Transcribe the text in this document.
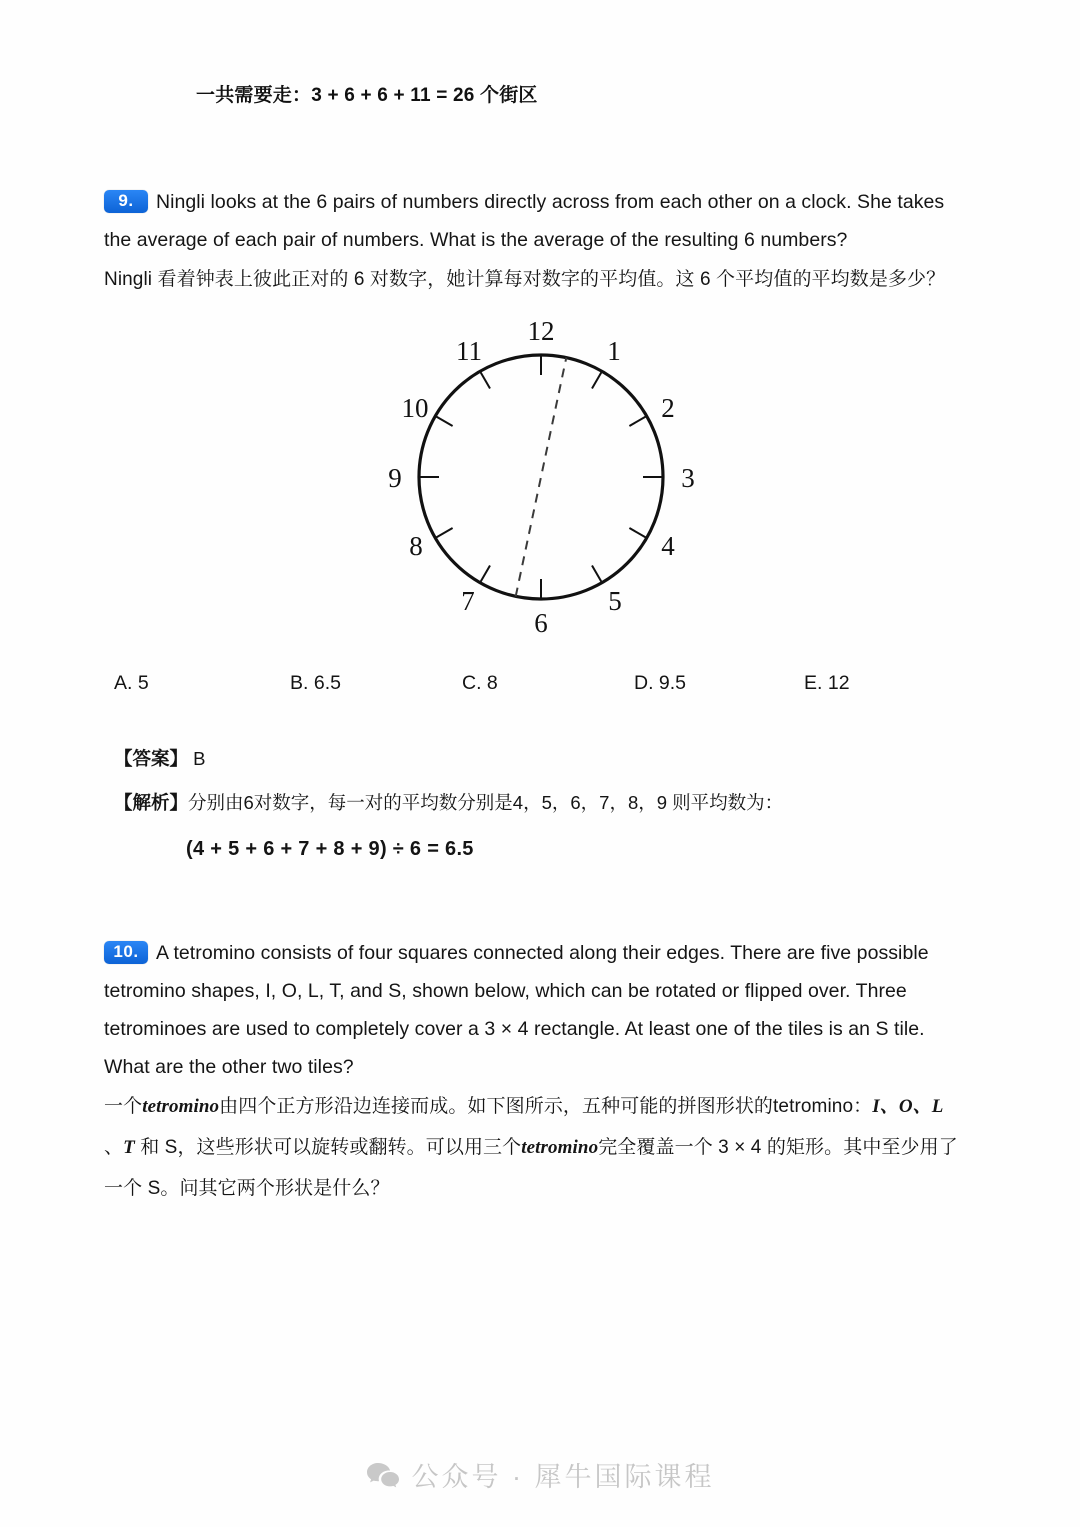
一共需要走：3 + 6 + 6 + 11 = 26 个街区
9. Ningli looks at the 6 pairs of numbers directly across from each other on a clock. She takes
the average of each pair of numbers. What is the average of the resulting 6 numbers?
Ningli 看着钟表上彼此正对的 6 对数字，她计算每对数字的平均值。这 6 个平均值的平均数是多少？
12
1
2
3
4
5
6
7
8
9
10
11
A. 5	B. 6.5	C. 8	D. 9.5	E. 12
【答案】 B
【解析】分别由6对数字，每一对的平均数分别是4，5，6，7，8，9 则平均数为：
(4 + 5 + 6 + 7 + 8 + 9) ÷ 6 = 6.5
10. A tetromino consists of four squares connected along their edges. There are five possible
tetromino shapes, I, O, L, T, and S, shown below, which can be rotated or flipped over. Three
tetrominoes are used to completely cover a 3 × 4 rectangle. At least one of the tiles is an S tile.
What are the other two tiles?
一个tetromino由四个正方形沿边连接而成。如下图所示，五种可能的拼图形状的tetromino：I、O、L
、T 和 S，这些形状可以旋转或翻转。可以用三个tetromino完全覆盖一个 3 × 4 的矩形。其中至少用了
一个 S。问其它两个形状是什么？
公众号 · 犀牛国际课程
